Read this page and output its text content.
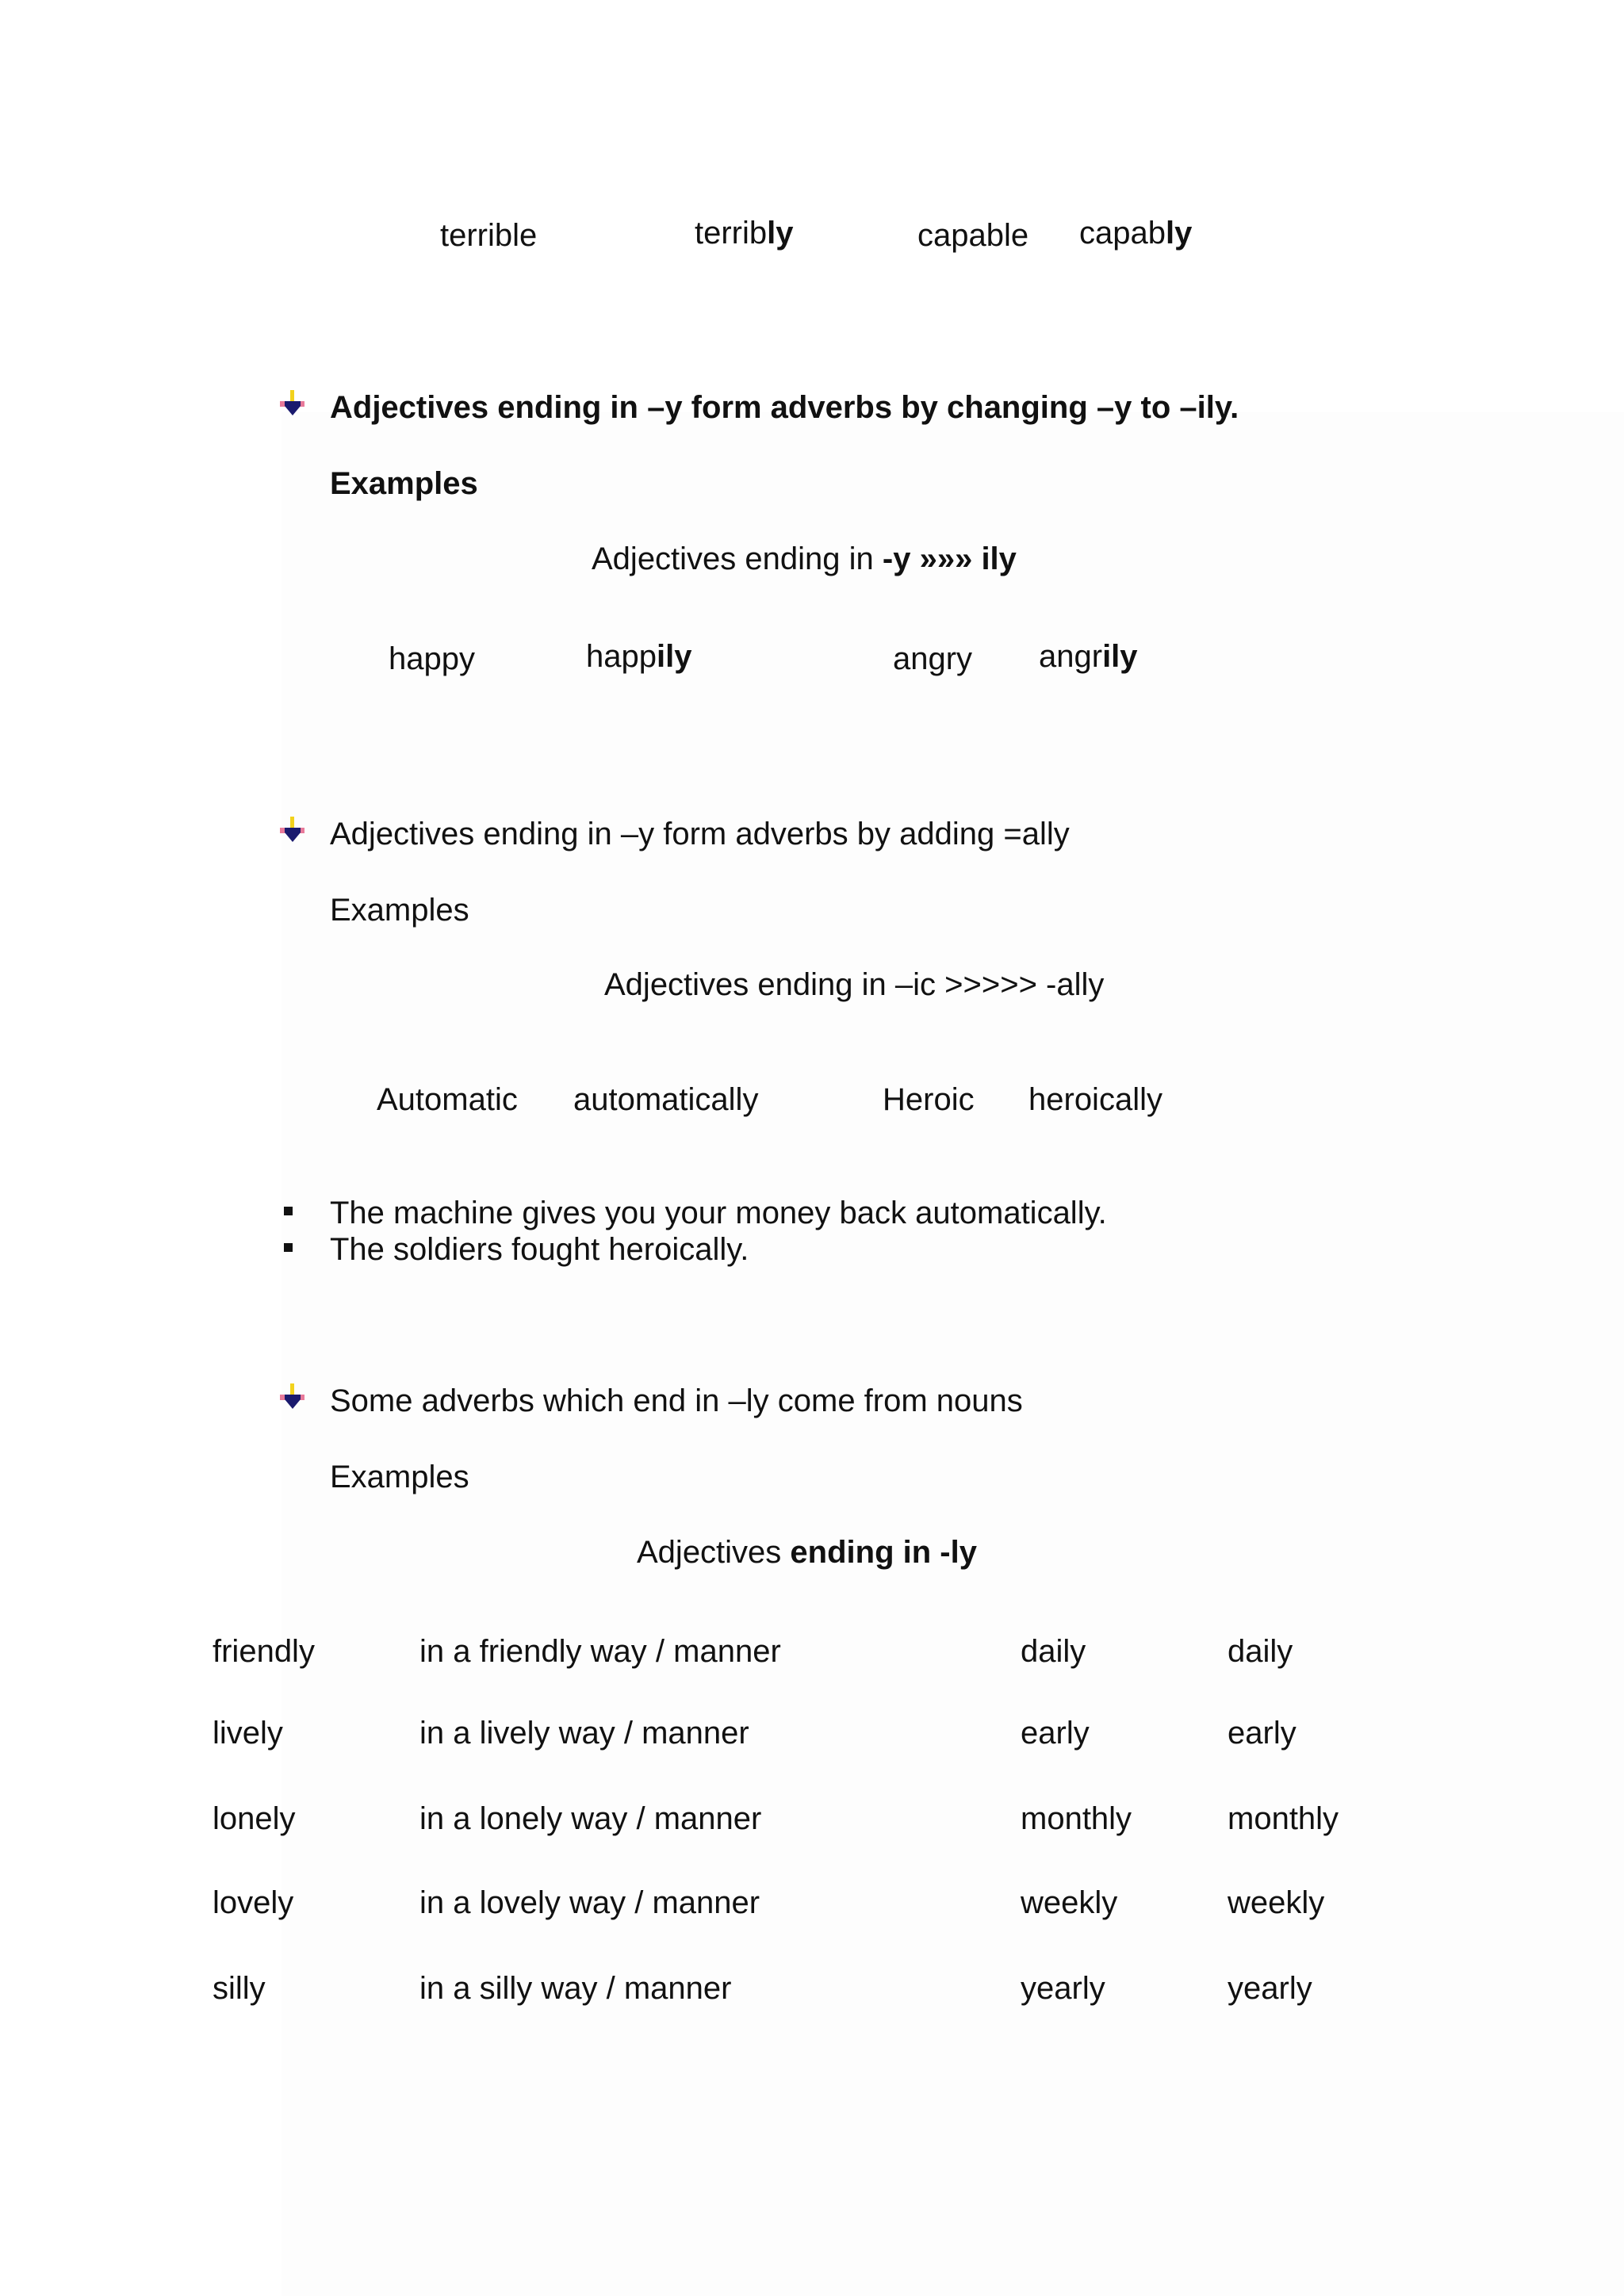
terrible	terribly	capable capably
Adjectives ending in –y form adverbs by changing –y to –ily.
Examples
Adjectives ending in -y »»» ily
happy	happily	angry angrily
Adjectives ending in –y form adverbs by adding =ally
Examples
Adjectives ending in –ic >>>>> -ally
Automatic automatically	Heroic heroically
The machine gives you your money back automatically.
The soldiers fought heroically.
Some adverbs which end in –ly come from nouns
Examples
Adjectives ending in -ly
friendly	in a friendly way / manner	daily	daily
lively	in a lively way / manner	early	early
lonely	in a lonely way / manner	monthly	monthly
lovely	in a lovely way / manner	weekly	weekly
silly	in a silly way / manner	yearly	yearly
